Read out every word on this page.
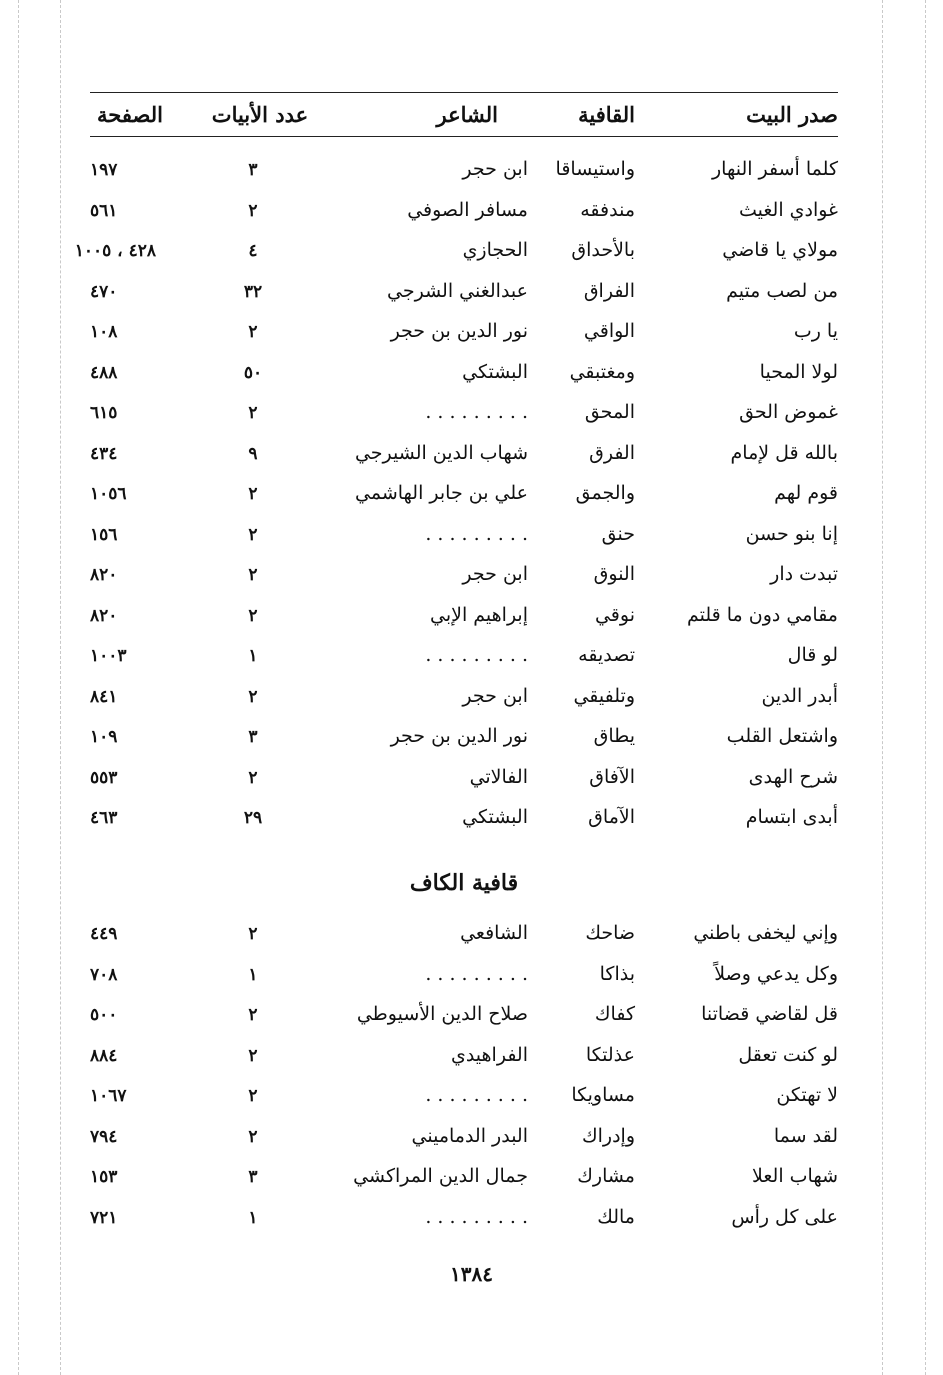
صدر البيت
القافية
الشاعر
عدد الأبيات
الصفحة
كلما أسفر النهار
واستيساقا
ابن حجر
٣
١٩٧
غوادي الغيث
مندفقه
مسافر الصوفي
٢
٥٦١
مولاي يا قاضي
بالأحداق
الحجازي
٤
٤٢٨ ، ١٠٠٥
من لصب متيم
الفراق
عبدالغني الشرجي
٣٢
٤٧٠
يا رب
الواقي
نور الدين بن حجر
٢
١٠٨
لولا المحيا
ومغتبقي
البشتكي
٥٠
٤٨٨
غموض الحق
المحق
. . . . . . . . .
٢
٦١٥
بالله قل لإمام
الفرق
شهاب الدين الشيرجي
٩
٤٣٤
قوم لهم
والجمق
علي بن جابر الهاشمي
٢
١٠٥٦
إنا بنو حسن
حنق
. . . . . . . . .
٢
١٥٦
تبدت دار
النوق
ابن حجر
٢
٨٢٠
مقامي دون ما قلتم
نوقي
إبراهيم الإبي
٢
٨٢٠
لو قال
تصديقه
. . . . . . . . .
١
١٠٠٣
أبدر الدين
وتلفيقي
ابن حجر
٢
٨٤١
واشتعل القلب
يطاق
نور الدين بن حجر
٣
١٠٩
شرح الهدى
الآفاق
الفالاتي
٢
٥٥٣
أبدى ابتسام
الآماق
البشتكي
٢٩
٤٦٣
قافية الكاف
وإني ليخفى باطني
ضاحك
الشافعي
٢
٤٤٩
وكل يدعي وصلاً
بذاكا
. . . . . . . . .
١
٧٠٨
قل لقاضي قضاتنا
كفاك
صلاح الدين الأسيوطي
٢
٥٠٠
لو كنت تعقل
عذلتكا
الفراهيدي
٢
٨٨٤
لا تهتكن
مساويكا
. . . . . . . . .
٢
١٠٦٧
لقد سما
وإدراك
البدر الدماميني
٢
٧٩٤
شهاب العلا
مشارك
جمال الدين المراكشي
٣
١٥٣
على كل رأس
مالك
. . . . . . . . .
١
٧٢١
١٣٨٤
